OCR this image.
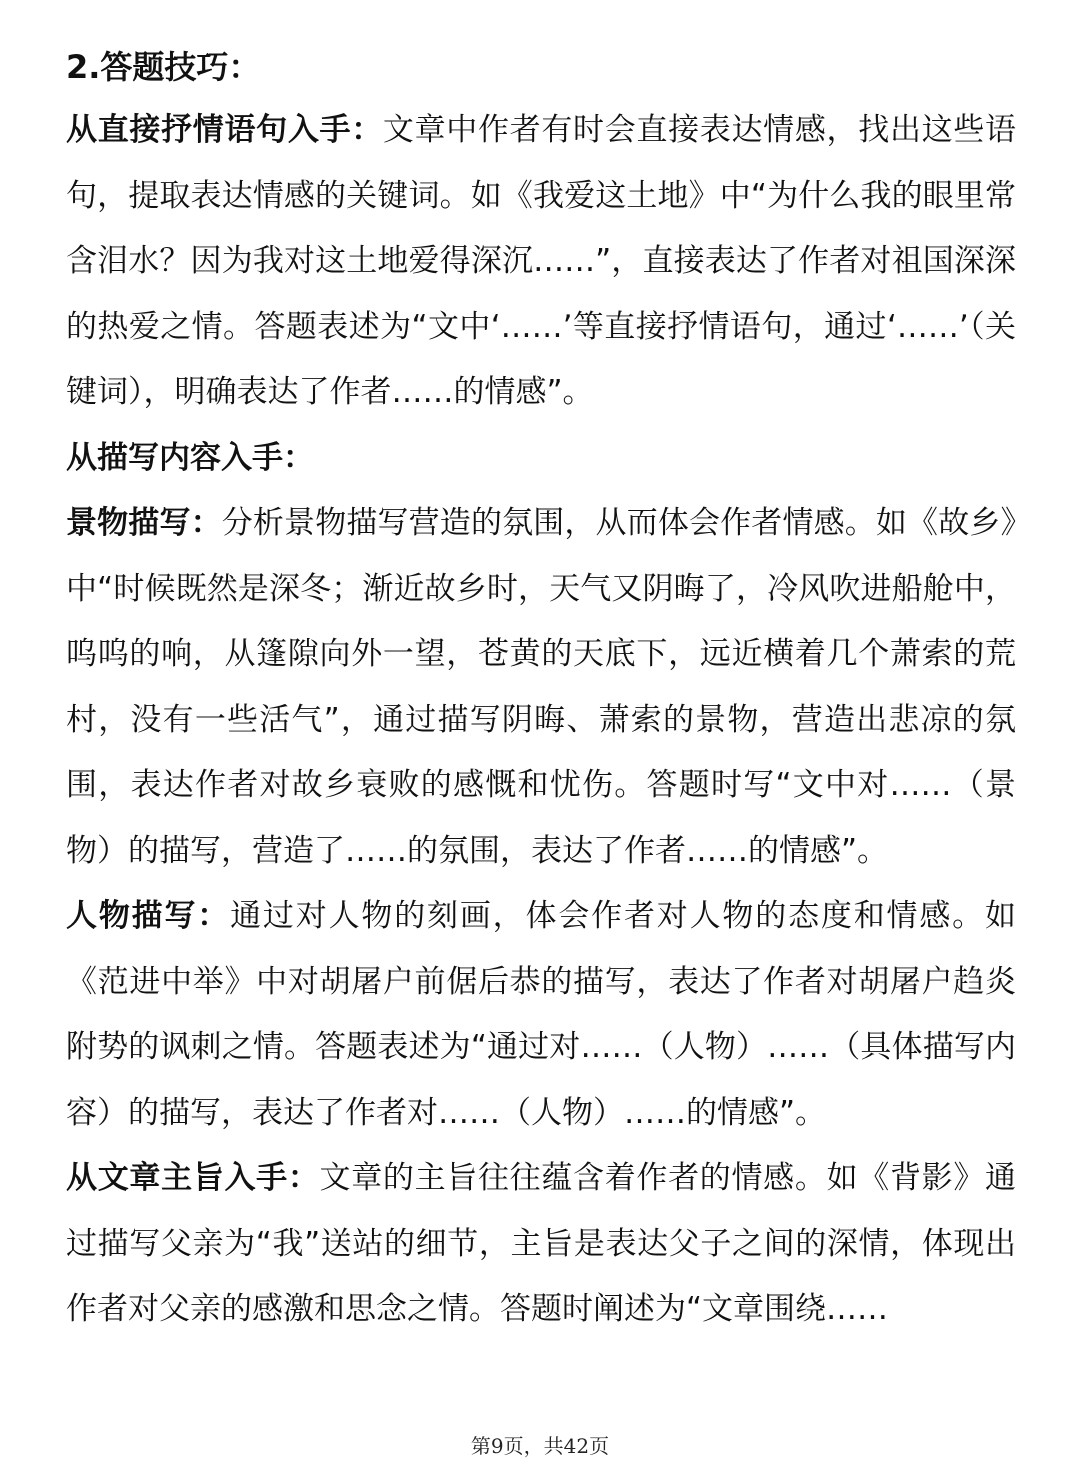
2.答题技巧：

从直接抒情语句入手：文章中作者有时会直接表达情感，找出这些语句，提取表达情感的关键词。如《我爱这土地》中“为什么我的眼里常含泪水？因为我对这土地爱得深沉……”，直接表达了作者对祖国深深的热爱之情。答题表述为“文中‘……’等直接抒情语句，通过‘……’（关键词），明确表达了作者……的情感”。

从描写内容入手：

景物描写：分析景物描写营造的氛围，从而体会作者情感。如《故乡》中“时候既然是深冬；渐近故乡时，天气又阴晦了，冷风吹进船舱中，呜呜的响，从篷隙向外一望，苍黄的天底下，远近横着几个萧索的荒村，没有一些活气”，通过描写阴晦、萧索的景物，营造出悲凉的氛围，表达作者对故乡衰败的感慨和忧伤。答题时写“文中对……（景物）的描写，营造了……的氛围，表达了作者……的情感”。

人物描写：通过对人物的刻画，体会作者对人物的态度和情感。如《范进中举》中对胡屠户前倨后恭的描写，表达了作者对胡屠户趋炎附势的讽刺之情。答题表述为“通过对……（人物）……（具体描写内容）的描写，表达了作者对……（人物）……的情感”。

从文章主旨入手：文章的主旨往往蕴含着作者的情感。如《背影》通过描写父亲为“我”送站的细节，主旨是表达父子之间的深情，体现出作者对父亲的感激和思念之情。答题时阐述为“文章围绕……

第9页，共42页
